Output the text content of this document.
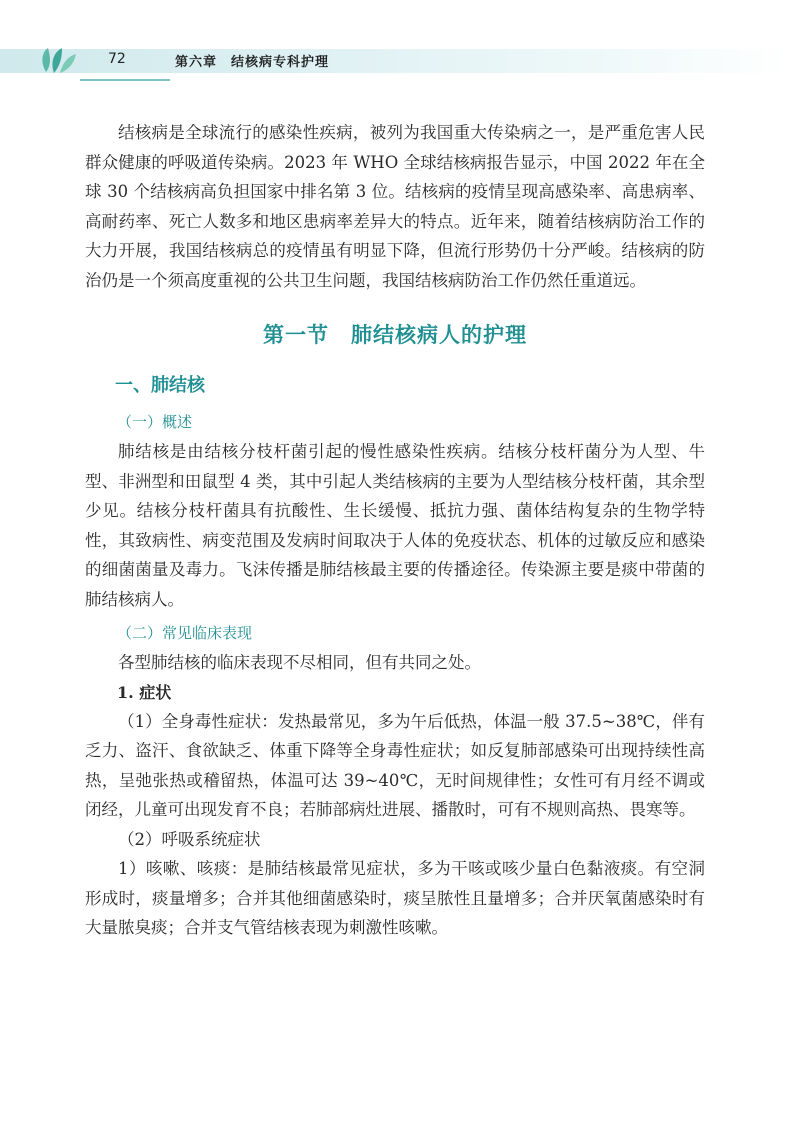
72	第六章　结核病专科护理

结核病是全球流行的感染性疾病，被列为我国重大传染病之一，是严重危害人民群众健康的呼吸道传染病。2023 年 WHO 全球结核病报告显示，中国 2022 年在全球 30 个结核病高负担国家中排名第 3 位。结核病的疫情呈现高感染率、高患病率、高耐药率、死亡人数多和地区患病率差异大的特点。近年来，随着结核病防治工作的大力开展，我国结核病总的疫情虽有明显下降，但流行形势仍十分严峻。结核病的防治仍是一个须高度重视的公共卫生问题，我国结核病防治工作仍然任重道远。

第一节　肺结核病人的护理
一、肺结核
（一）概述

肺结核是由结核分枝杆菌引起的慢性感染性疾病。结核分枝杆菌分为人型、牛型、非洲型和田鼠型 4 类，其中引起人类结核病的主要为人型结核分枝杆菌，其余型少见。结核分枝杆菌具有抗酸性、生长缓慢、抵抗力强、菌体结构复杂的生物学特性，其致病性、病变范围及发病时间取决于人体的免疫状态、机体的过敏反应和感染的细菌菌量及毒力。飞沫传播是肺结核最主要的传播途径。传染源主要是痰中带菌的肺结核病人。

（二）常见临床表现

各型肺结核的临床表现不尽相同，但有共同之处。

1. 症状

（1）全身毒性症状：发热最常见，多为午后低热，体温一般 37.5~38℃，伴有乏力、盗汗、食欲缺乏、体重下降等全身毒性症状；如反复肺部感染可出现持续性高热，呈弛张热或稽留热，体温可达 39~40℃，无时间规律性；女性可有月经不调或闭经，儿童可出现发育不良；若肺部病灶进展、播散时，可有不规则高热、畏寒等。

（2）呼吸系统症状

1）咳嗽、咳痰：是肺结核最常见症状，多为干咳或咳少量白色黏液痰。有空洞形成时，痰量增多；合并其他细菌感染时，痰呈脓性且量增多；合并厌氧菌感染时有大量脓臭痰；合并支气管结核表现为刺激性咳嗽。
